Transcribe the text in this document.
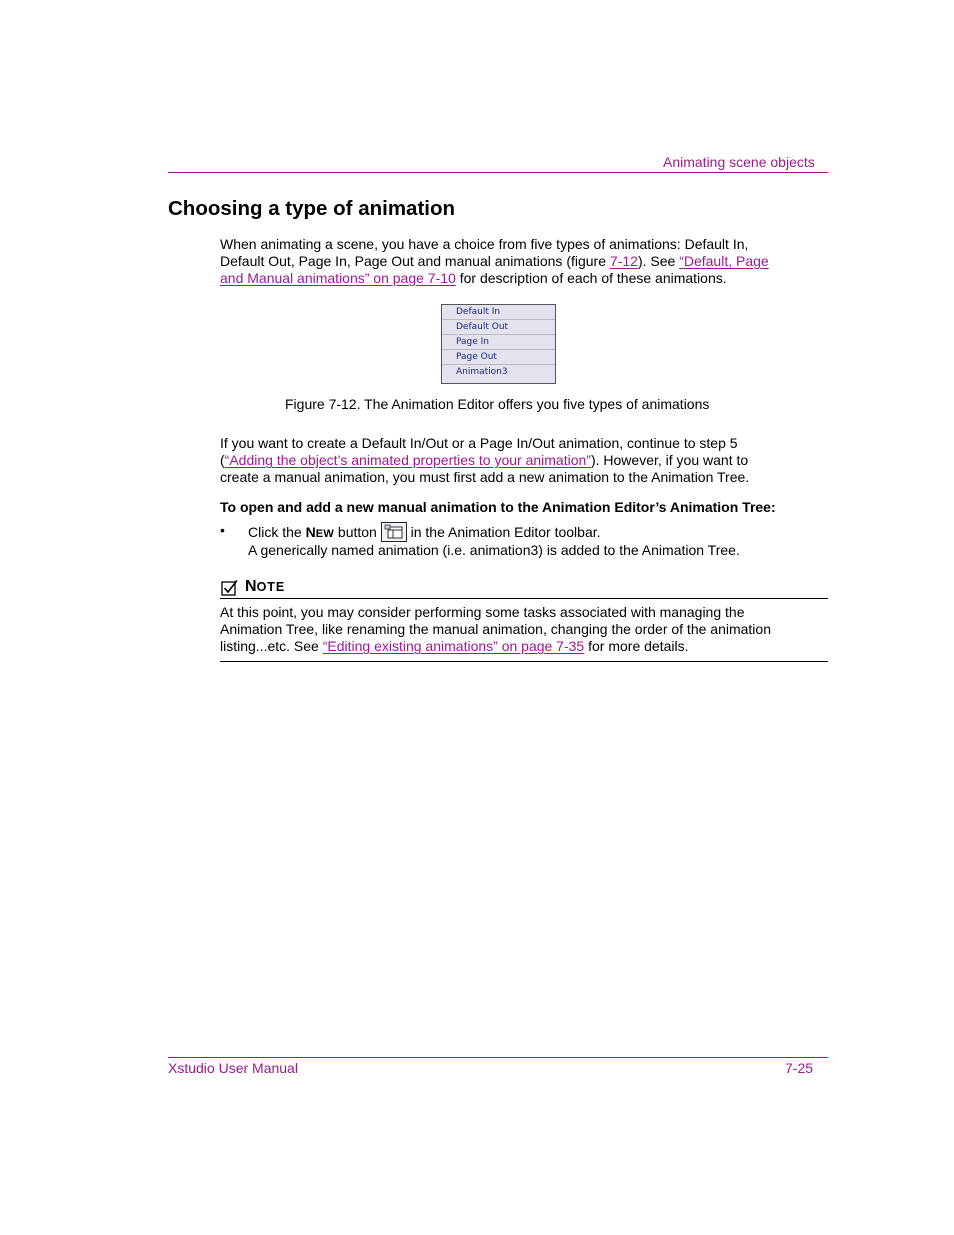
Animating scene objects
Choosing a type of animation
When animating a scene, you have a choice from five types of animations: Default In,
Default Out, Page In, Page Out and manual animations (figure 7-12). See “Default, Page
and Manual animations” on page 7-10 for description of each of these animations.
Default In
Default Out
Page In
Page Out
Animation3
Figure 7-12. The Animation Editor offers you five types of animations
If you want to create a Default In/Out or a Page In/Out animation, continue to step 5
(“Adding the object’s animated properties to your animation”). However, if you want to
create a manual animation, you must first add a new animation to the Animation Tree.
To open and add a new manual animation to the Animation Editor’s Animation Tree:
• Click the NEW button
in the Animation Editor toolbar.
A generically named animation (i.e. animation3) is added to the Animation Tree.
NOTE
At this point, you may consider performing some tasks associated with managing the
Animation Tree, like renaming the manual animation, changing the order of the animation
listing...etc. See “Editing existing animations” on page 7-35 for more details.
Xstudio User Manual	7-25
